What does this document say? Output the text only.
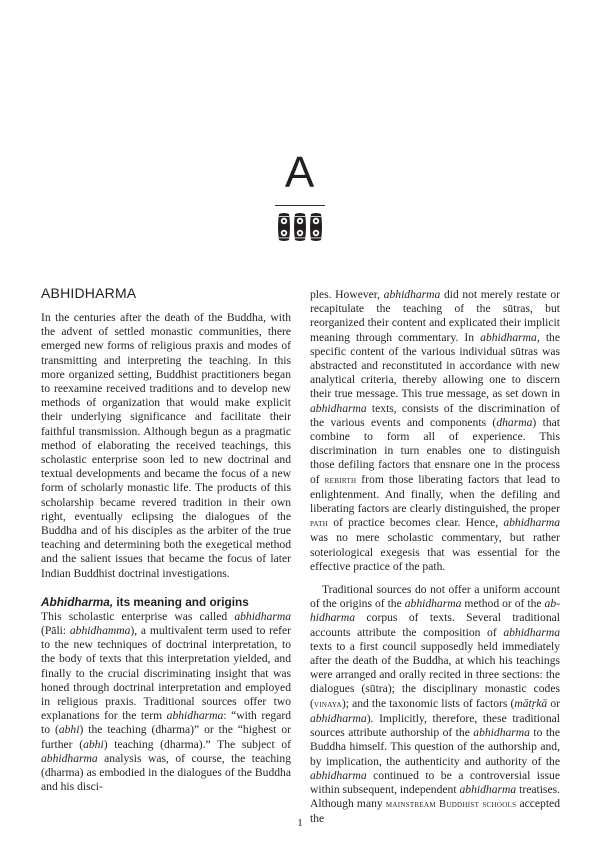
A
ABHIDHARMA

In the centuries after the death of the Buddha, with the advent of settled monastic communities, there emerged new forms of religious praxis and modes of transmitting and interpreting the teaching. In this more organized setting, Buddhist practitioners began to reexamine received traditions and to develop new methods of organization that would make explicit their underlying significance and facilitate their faithful transmission. Although begun as a pragmatic method of elaborating the received teachings, this scholastic enterprise soon led to new doctrinal and textual developments and became the focus of a new form of scholarly monastic life. The products of this scholarship became revered tradition in their own right, eventually eclipsing the dialogues of the Buddha and of his disciples as the arbiter of the true teaching and determining both the exegetical method and the salient issues that became the focus of later Indian Buddhist doctrinal investigations.

Abhidharma, its meaning and origins

This scholastic enterprise was called abhidharma (Pāli: abhidhamma), a multivalent term used to refer to the new techniques of doctrinal interpretation, to the body of texts that this interpretation yielded, and finally to the crucial discriminating insight that was honed through doctrinal interpretation and employed in religious praxis. Traditional sources offer two explanations for the term abhidharma: “with regard to (abhi) the teaching (dharma)” or the “highest or further (abhi) teaching (dharma).” The subject of abhidharma analysis was, of course, the teaching (dharma) as embodied in the dialogues of the Buddha and his disci-

ples. However, abhidharma did not merely restate or recapitulate the teaching of the sūtras, but reorganized their content and explicated their implicit meaning through commentary. In abhidharma, the specific content of the various individual sūtras was abstracted and reconstituted in accordance with new analytical criteria, thereby allowing one to discern their true message. This true message, as set down in abhidharma texts, consists of the discrimination of the various events and components (dharma) that combine to form all of experience. This discrimination in turn enables one to distinguish those defiling factors that ensnare one in the process of rebirth from those liberating factors that lead to enlightenment. And finally, when the defiling and liberating factors are clearly distinguished, the proper path of practice becomes clear. Hence, abhidharma was no mere scholastic commentary, but rather soteriological exegesis that was essential for the effective practice of the path.

Traditional sources do not offer a uniform account of the origins of the abhidharma method or of the abhidharma corpus of texts. Several traditional accounts attribute the composition of abhidharma texts to a first council supposedly held immediately after the death of the Buddha, at which his teachings were arranged and orally recited in three sections: the dialogues (sūtra); the disciplinary monastic codes (vinaya); and the taxonomic lists of factors (mātṛkā or abhidharma). Implicitly, therefore, these traditional sources attribute authorship of the abhidharma to the Buddha himself. This question of the authorship and, by implication, the authenticity and authority of the abhidharma continued to be a controversial issue within subsequent, independent abhidharma treatises. Although many mainstream Buddhist schools accepted the

1
